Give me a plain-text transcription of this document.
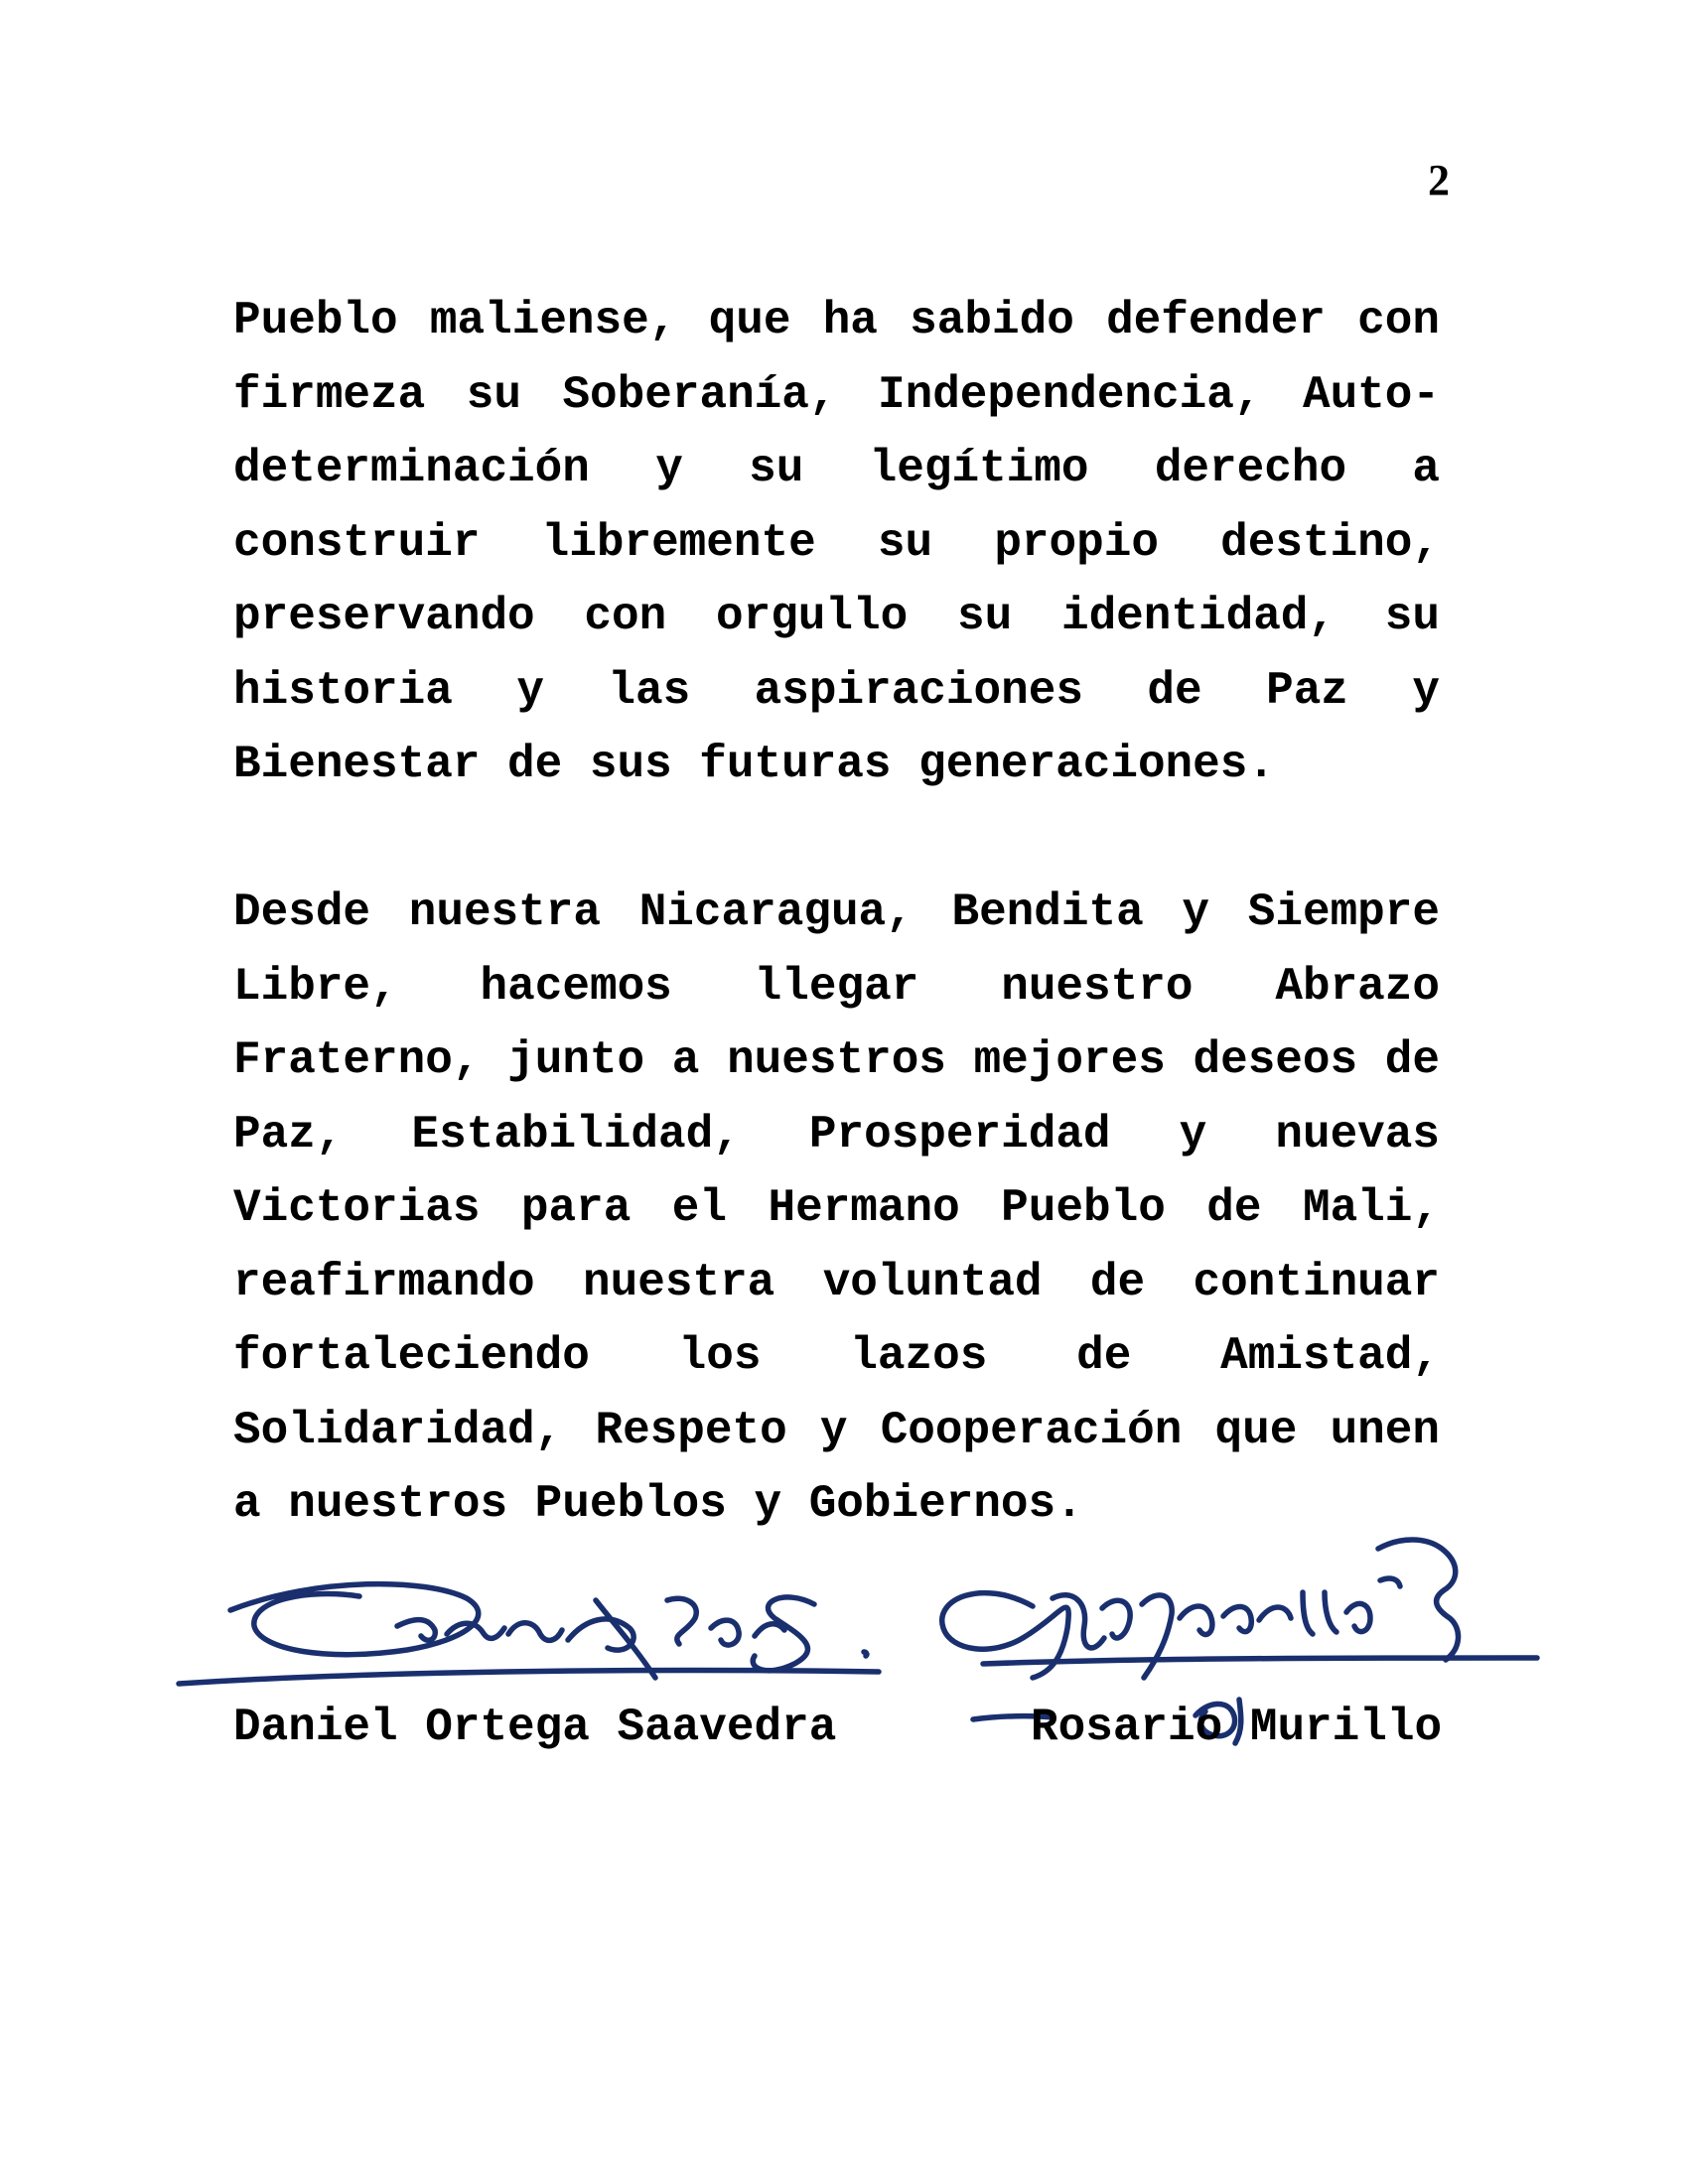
2

Pueblo maliense, que ha sabido defender con firmeza su Soberanía, Independencia, Autodeterminación y su legítimo derecho a construir libremente su propio destino, preservando con orgullo su identidad, su historia y las aspiraciones de Paz y Bienestar de sus futuras generaciones.

Desde nuestra Nicaragua, Bendita y Siempre Libre, hacemos llegar nuestro Abrazo Fraterno, junto a nuestros mejores deseos de Paz, Estabilidad, Prosperidad y nuevas Victorias para el Hermano Pueblo de Mali, reafirmando nuestra voluntad de continuar fortaleciendo los lazos de Amistad, Solidaridad, Respeto y Cooperación que unen a nuestros Pueblos y Gobiernos.

Daniel Ortega Saavedra	Rosario Murillo
